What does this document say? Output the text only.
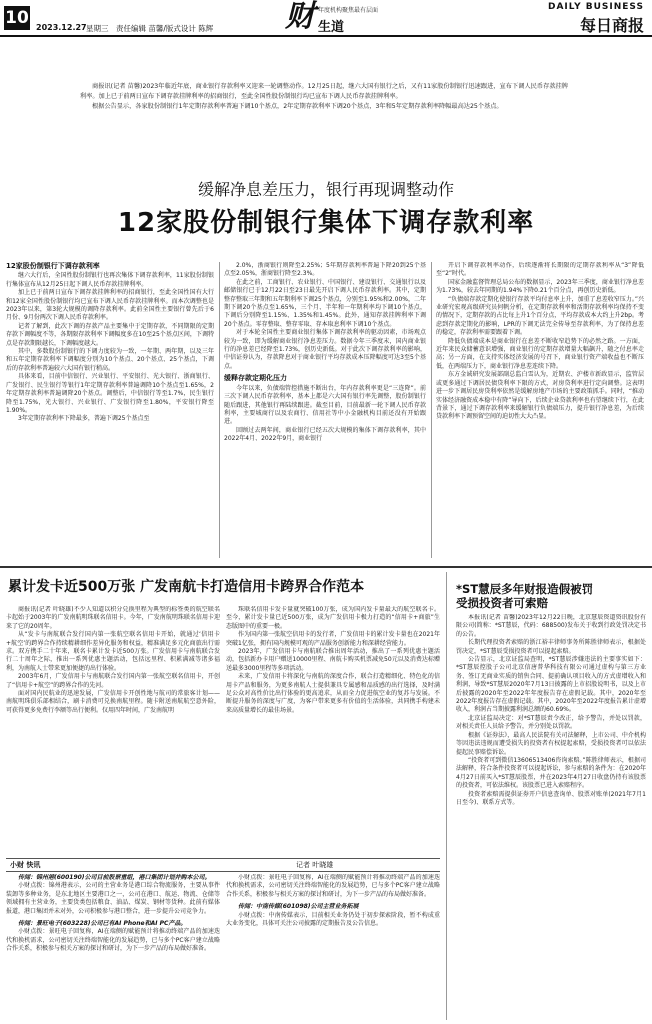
10 2023.12.27 星期三 责任编辑 苗馨/版式设计 陈辉 财 年度机构聚焦最有层面
生道
DAILY BUSINESS
每日商报

商报讯(记者 苗馨)2023年临近年底，商业银行存款利率又迎来一轮调整动作。12月25日起，继六大国有银行之后，又有11家股份制银行迅速跟进，宣布下调人民币存款挂牌利率。加上已于前两日宣布下调存款挂牌利率的招商银行，至此全国性股份制银行均已宣布下调人民币存款挂牌利率。

根据公告显示，各家股份制银行1年定期存款利率普遍下调10个基点，2年定期存款利率下调20个基点，3年和5年定期存款利率降幅最高达25个基点。

缓解净息差压力，银行再现调整动作
12家股份制银行集体下调存款利率
12家股份制银行下调存款利率

继六大行后，全国性股份制银行也再次集体下调存款利率，11家股份制银行集体宣布从12月25日起下调人民币存款挂牌利率。

加上已于前两日宣布下调存款挂牌利率的招商银行，至此全国性国有大行和12家全国性股份制银行均已宣布下调人民币存款挂牌利率。而本次调整也是2023年以来，第3轮大规模的调降存款利率。此前全国性主要银行曾先后于6月份、9月份两次下调人民币存款利率。

记者了解到，此次下调的存款产品主要集中于定期存款，不同期限的定期存款下调幅度不等，各期限存款利率下调幅度多在10至25个基点区间，下调特点是存款期限越长，下调幅度越大。

其中，多数股份制银行的下调力度较为一致，一年期、两年期，以及三年和五年定期存款利率下调幅度分别为10个基点、20个基点、25个基点，下调后的存款利率普遍较六大国有银行稍高。

具体来看，目前中信银行、兴业银行、平安银行、光大银行、浙商银行、广发银行、民生银行等银行1年定期存款利率普遍调降10个基点至1.65%，2年定期存款利率普遍调降20个基点。调整后，中信银行等至1.7%，民生银行降至1.75%，光大银行、兴业银行、广发银行降至1.80%，平安银行降至1.90%。

3年定期存款利率下降最多，普遍下调25个基点至

2.0%，浙商银行则降至2.25%；5年期存款利率普遍下降20到25个基点至2.05%，浙商银行降至2.3%。

在此之前，工商银行、农业银行、中国银行、建设银行、交通银行以及邮储银行已于12月22日至23日最先开启下调人民币存款利率。其中，定期整存整取三年期和五年期利率下调25个基点，分别至1.95%和2.00%，二年期下调20个基点至1.65%，三个月、半年和一年期利率均下调10个基点，下调后分别降至1.15%、1.35%和1.45%。此外，通知存款挂牌利率下调20个基点。零存整取、整存零取、存本取息利率下调10个基点。

对于本轮全国性主要商业银行集体下调存款利率的驱动因素，市场观点较为一致，即为缓解商业银行净息差压力。数据今年三季度末，国内商业银行的净息差已经降至1.73%，创历史新低。对于此次下调存款利率的影响，中信证券认为，存款降息对于商业银行平均存款成本压降幅度可达3至5个基点。

缓释存款定期化压力

今年以来，负债端管控措施不断出台，年内存款利率更是“三连降”。前三次下调人民币存款利率，基本上都是六大国有银行率先调整，股份制银行随后跟进，其他银行再陆续跟进。截至目前，目前最新一轮下调人民币存款利率，主要城商行以及农商行、信用社等中小金融机构目前还没有开始跟进。

回顾过去两年间，商业银行已经五次大规模的集体下调存款利率，其中2022年4月、2022年9月，商业银行

开启下调存款利率动作，后续逐渐将长期限的定期存款利率从“3”降低至“2”时代。

国家金融监督管理总局公布的数据显示，2023年三季度，商业银行净息差为1.73%，较去年同期的1.94%下降0.21个百分点，再创历史新低。

“负债端存款定期化使银行存款平均付息率上升，加重了息差收窄压力。”兴业研究宏观高级研究员何帆分析，在定期存款利率和活期存款利率均保持不变的情况下，定期存款的占比每上升1个百分点，平均存款成本大约上升2bp。考虑到存款定期化的影响，LPR的下调无法完全传导至存款利率，为了保持息差的稳定，存款利率需要跟着下调。

降低负债端成本是商业银行在息差不断收窄趋势下的必然之路。一方面，近年来民众储蓄意识增强，商业银行的定期存款增量大幅飙升，随之付息率走高；另一方面，在支持实体经济发展的号召下，商业银行资产端收益也不断压低，在两端压力下，商业银行净息差连续下降。

东方金诚研究发展部副总监白雪认为，近期农、沪楼市新政显示，监管层或更多通过下调居民债贷利率下限的方式，对房贷利率进行定向调整。这表明进一步下调居民房贷利率依然是缓解房地产市场的主要政策抓手。同时，“推动实体经济融资成本稳中有降”导向下，后续企业贷款利率也有望继续下行，在此背景下，通过下调存款利率来缓解银行负债端压力，提升银行净息差，为后续贷款利率下调预留空间的迫切性大大凸显。

累计发卡近500万张 广发南航卡打造信用卡跨界合作范本

商报讯(记者 叶晓雄)不少人知道以积分兑换里程为典型的标签类的航空联名卡起始于2003年的广发南航明珠联名信用卡。今年，广发南航明珠联名信用卡迎来了它的20周年。

从“发卡与南航联合发行国内第一张航空联名信用卡开始，就通过‘信用卡+航空’的跨界合作持续精耕细作差异化服务和权益，精准满足多元化商旅出行需求。双方携手二十年来，联名卡累计发卡近500万张。广发信用卡与南航联合发行二十周年之际，推出一系列优惠主题活动，包括远里程、积累满减等诸多福利，为南航人士带来更加便捷的出行体验。

2003年6月，广发信用卡与南航联合发行国内第一张航空联名信用卡，开创了“信用卡+航空”的跨界合作的先河。

面对国内民航业的迅速发展，广发信用卡开创性地与航司的常旅客计划——南航明珠俱乐部相结合，刷卡消费可兑换南航里程。随卡附送南航航空意外险，可获得更多免费行李额等出行便利。仅用四年时间，广发南航明

珠联名信用卡发卡量就突破100万张，成为国内发卡量最大的航空联名卡。至今，累计发卡量已近500万张，成为广发信用卡极力打造的“信用卡+商旅”生态版图中的重要一极。

作为国内第一张航空信用卡的发行者，广发信用卡的累计发卡量也在2021年突破1亿张，拥有国内规模可观的产品服务创新能力和深耕经营能力。

2023年，广发信用卡与南航联合推出周年活动，推出了一系列优惠主题活动，包括新办卡用户赠送10000里程、南航卡购买机票减免50元以及消费达标赠送最多3000里程等多项活动。

未来，广发信用卡将深化与南航的深度合作，联合打造精细化、特色化的信用卡产品和服务，为更多南航人士提供兼具专属感和品质感的出行选择，及时满足公众对高性价比出行体验的更高追求，从而全力促进航空业的复苏与发展。不断提升服务的深度与广度，为客户带来更多有价值的生活体验，共同携手构建未来高质量增长的最佳场景。

*ST慧辰多年财报造假被罚
受损投资者可索赔

本报讯(记者 苗馨)2023年12月22日晚，北京慧辰资道资讯股份有限公司(简称：*ST慧辰，代码：688500)发布关于收到行政处罚决定书的公告。

长期代理投资者索赔的浙江裕丰律师事务所陈胜律师表示，根据处罚决定，*ST慧辰受损投资者可以提起索赔。

公告显示，北京证监局查明，*ST慧辰涉嫌违法的主要事实如下：*ST慧辰控股子公司北京信唐普华科技有限公司通过虚构与第三方业务、签订无商业实质的销售合同、提前确认项目收入的方式虚增收入和利润，导致*ST慧辰2020年7月13日披露的上市招股说明书，以及上市后披露的2020年至2022年年度报告存在虚假记载。其中，2020年至2022年度报告存在虚假记载。其中，2020年至2022年度报告累计虚增收入，利润占当期披露利润总额的60.69%。

北京证监局决定：对*ST慧辰责令改正，给予警告，并处以罚款，对相关责任人员给予警告，并分别处以罚款。

根据《证券法》，最高人民法院有关司法解释，上市公司、中介机构等因违法违规而遭受损失的投资者有权提起索赔，受损投资者可以依法提起民事赔偿诉讼。

“投资者可到微信13606513406咨询索赔。”陈胜律师表示，根据司法解释，符合条件投资者可以提起诉讼，参与索赔的条件为：在2020年4月27日前买入*ST慧辰股票，并在2023年4月27日收盘仍持有该股票的投资者，可依法维权。该股票已进入索赔程序。

投资者索赔需提供证券开户信息查询单、股票对账单(2021年7月1日至今)、联系方式等。

小财 快讯	记者 叶晓雄

传闻：锦州港(600190)公司目前股票重组，港口集团计划并购本公司。

小财点拨：锦州港表示，公司的主营业务是港口综合物流服务，主要从事件装卸等多种业务，是东北地区主要港口之一，公司在港口、航运、物流、仓储等领域拥有主营业务，主要货类包括粮食、油品、煤炭、钢材等货种。此前有媒体报道，港口集团并未对外，公司积极参与港口整合，进一步提升公司竞争力。

传闻：景旺电子(603228)公司已有AI Phone和AI PC产品。

小财点拨：景旺电子回复称，AI在端侧的赋能预计将推动终端产品的加速迭代和换机需求，公司密切关注终端智能化的发展趋势，已与多个PC客户建立战略合作关系，积极参与相关方案的探讨和研讨，为下一步产品的布局做好准备。

小财点拨：景旺电子回复称，AI在端侧的赋能预计将推动终端产品的加速迭代和换机需求，公司密切关注终端智能化的发展趋势，已与多个PC客户建立战略合作关系，积极参与相关方案的探讨和研讨，为下一步产品的布局做好准备。

传闻：中南传媒(601098)公司主营业务拓展

小财点拨：中南传媒表示，目前相关业务仍处于初步探索阶段，暂不构成重大业务变化，具体可关注公司披露的定期报告及公告信息。
